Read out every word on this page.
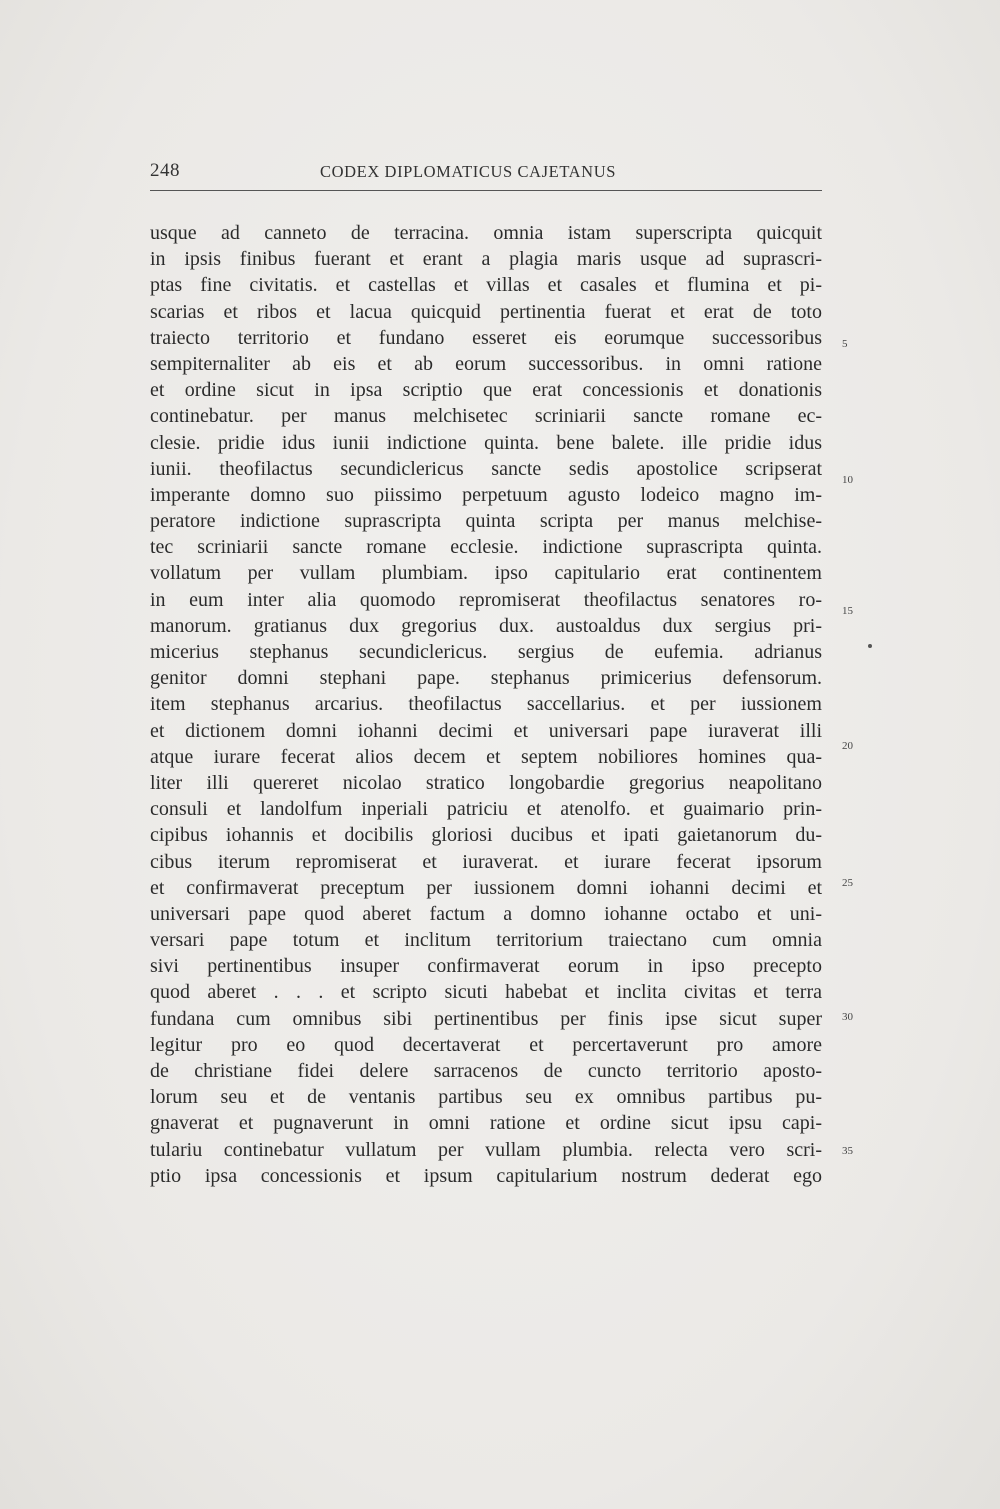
248	CODEX DIPLOMATICUS CAJETANUS
usque ad canneto de terracina. omnia istam superscripta quicquit
in ipsis finibus fuerant et erant a plagia maris usque ad suprascri-
ptas fine civitatis. et castellas et villas et casales et flumina et pi-
scarias et ribos et lacua quicquid pertinentia fuerat et erat de toto
traiecto territorio et fundano esseret eis eorumque successoribus
sempiternaliter ab eis et ab eorum successoribus. in omni ratione
et ordine sicut in ipsa scriptio que erat concessionis et donationis
continebatur. per manus melchisetec scriniarii sancte romane ec-
clesie. pridie idus iunii indictione quinta. bene balete. ille pridie idus
iunii. theofilactus secundiclericus sancte sedis apostolice scripserat
imperante domno suo piissimo perpetuum agusto lodeico magno im-
peratore indictione suprascripta quinta scripta per manus melchise-
tec scriniarii sancte romane ecclesie. indictione suprascripta quinta.
vollatum per vullam plumbiam. ipso capitulario erat continentem
in eum inter alia quomodo repromiserat theofilactus senatores ro-
manorum. gratianus dux gregorius dux. austoaldus dux sergius pri-
micerius stephanus secundiclericus. sergius de eufemia. adrianus
genitor domni stephani pape. stephanus primicerius defensorum.
item stephanus arcarius. theofilactus saccellarius. et per iussionem
et dictionem domni iohanni decimi et universari pape iuraverat illi
atque iurare fecerat alios decem et septem nobiliores homines qua-
liter illi quereret nicolao stratico longobardie gregorius neapolitano
consuli et landolfum inperiali patriciu et atenolfo. et guaimario prin-
cipibus iohannis et docibilis gloriosi ducibus et ipati gaietanorum du-
cibus iterum repromiserat et iuraverat. et iurare fecerat ipsorum
et confirmaverat preceptum per iussionem domni iohanni decimi et
universari pape quod aberet factum a domno iohanne octabo et uni-
versari pape totum et inclitum territorium traiectano cum omnia
sivi pertinentibus insuper confirmaverat eorum in ipso precepto
quod aberet . . . et scripto sicuti habebat et inclita civitas et terra
fundana cum omnibus sibi pertinentibus per finis ipse sicut super
legitur pro eo quod decertaverat et percertaverunt pro amore
de christiane fidei delere sarracenos de cuncto territorio aposto-
lorum seu et de ventanis partibus seu ex omnibus partibus pu-
gnaverat et pugnaverunt in omni ratione et ordine sicut ipsu capi-
tulariu continebatur vullatum per vullam plumbia. relecta vero scri-
ptio ipsa concessionis et ipsum capitularium nostrum dederat ego
5
10
15
20
25
30
35
